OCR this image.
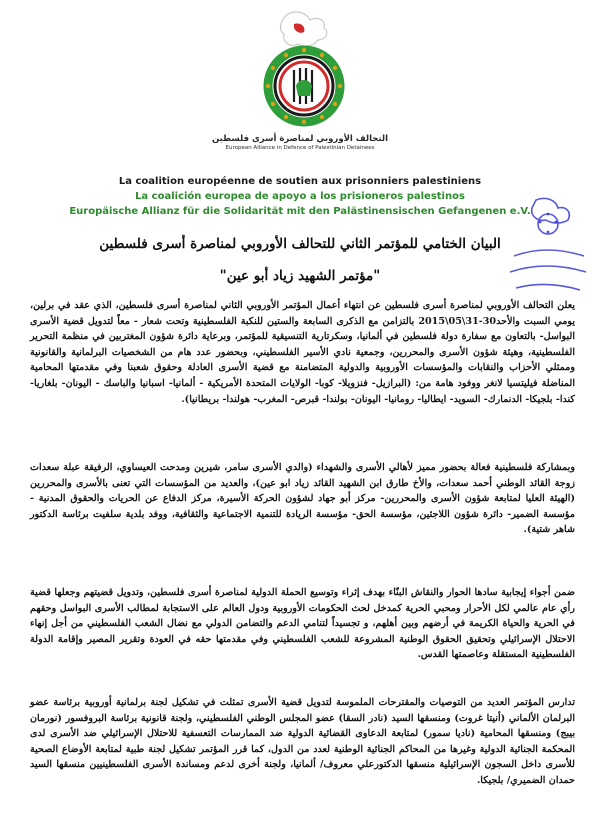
التحالف الأوروبي لمناصرة أسرى فلسطين
European Alliance in Defence of Palestinian Detainees
La coalition européenne de soutien aux prisonniers palestiniens
La coalición europea de apoyo a los prisioneros palestinos
Europäische Allianz für die Solidarität mit den Palästinensischen Gefangenen e.V.
البيان الختامي للمؤتمر الثاني للتحالف الأوروبي لمناصرة أسرى فلسطين
"مؤتمر الشهيد زياد أبو عين"
يعلن التحالف الأوروبي لمناصرة أسرى فلسطين عن انتهاء أعمال المؤتمر الأوروبي الثاني لمناصرة أسرى فلسطين، الذي عقد في برلين، يومي السبت والأحد30-31\05\2015 بالتزامن مع الذكرى السابعة والستين للنكبة الفلسطينية وتحت شعار - معاً لتدويل قضية الأسرى البواسل- بالتعاون مع سفارة دولة فلسطين في ألمانيا، وسكرتارية التنسيقية للمؤتمر، وبرعاية دائرة شؤون المغتربين في منظمة التحرير الفلسطينية، وهيئة شؤون الأسرى والمحررين، وجمعية نادي الأسير الفلسطيني، وبحضور عدد هام من الشخصيات البرلمانية والقانونية وممثلي الأحزاب والنقابات والمؤسسات الأوروبية والدولية المتضامنة مع قضية الأسرى العادلة وحقوق شعبنا وفي مقدمتها المحامية المناضلة فيليتسيا لانغر ووفود هامة من: (البرازيل- فنزويلا- كوبا- الولايات المتحدة الأمريكية - ألمانيا- اسبانيا والباسك - اليونان- بلغاريا- كندا- بلجيكا- الدنمارك- السويد- ايطاليا- رومانيا- اليونان- بولندا- قبرص- المغرب- هولندا- بريطانيا).
وبمشاركة فلسطينية فعالة بحضور مميز لأهالي الأسرى والشهداء (والدي الأسرى سامر، شيرين ومدحت العيساوي، الرفيقة عبلة سعدات زوجة القائد الوطني أحمد سعدات، والأخ طارق ابن الشهيد القائد زياد ابو عين)، والعديد من المؤسسات التي تعنى بالأسرى والمحررين (الهيئة العليا لمتابعة شؤون الأسرى والمحررين- مركز أبو جهاد لشؤون الحركة الأسيرة، مركز الدفاع عن الحريات والحقوق المدنية - مؤسسة الضمير- دائرة شؤون اللاجئين، مؤسسة الحق- مؤسسة الريادة للتنمية الاجتماعية والثقافية، ووفد بلدية سلفيت برئاسة الدكتور شاهر شتية).
ضمن أجواء إيجابية سادها الحوار والنقاش البنّاء بهدف إثراء وتوسيع الحملة الدولية لمناصرة أسرى فلسطين، وتدويل قضيتهم وجعلها قضية رأي عام عالمي لكل الأحرار ومحبي الحرية كمدخل لحث الحكومات الأوروبية ودول العالم على الاستجابة لمطالب الأسرى البواسل وحقهم في الحرية والحياة الكريمة في أرضهم وبين أهلهم، و تجسيداً لتنامي الدعم والتضامن الدولي مع نضال الشعب الفلسطيني من أجل إنهاء الاحتلال الإسرائيلي وتحقيق الحقوق الوطنية المشروعة للشعب الفلسطيني وفي مقدمتها حقه في العودة وتقرير المصير وإقامة الدولة الفلسطينية المستقلة وعاصمتها القدس.
تدارس المؤتمر العديد من التوصيات والمقترحات الملموسة لتدويل قضية الأسرى تمثلت في تشكيل لجنة برلمانية أوروبية برئاسة عضو البرلمان الألماني (أنيتا غروت) ومنسقها السيد (نادر السقا) عضو المجلس الوطني الفلسطيني، ولجنة قانونية برئاسة البروفسور (نورمان بيبج) ومنسقها المحامية (ناديا سمور) لمتابعة الدعاوى القضائية الدولية ضد الممارسات التعسفية للاحتلال الإسرائيلي ضد الأسرى لدى المحكمة الجنائية الدولية وغيرها من المحاكم الجنائية الوطنية لعدد من الدول، كما قرر المؤتمر تشكيل لجنة طبية لمتابعة الأوضاع الصحية للأسرى داخل السجون الإسرائيلية منسقها الدكتورعلي معروف/ ألمانيا، ولجنة أخرى لدعم ومساندة الأسرى الفلسطينيين منسقها السيد حمدان الضميري/ بلجيكا.
